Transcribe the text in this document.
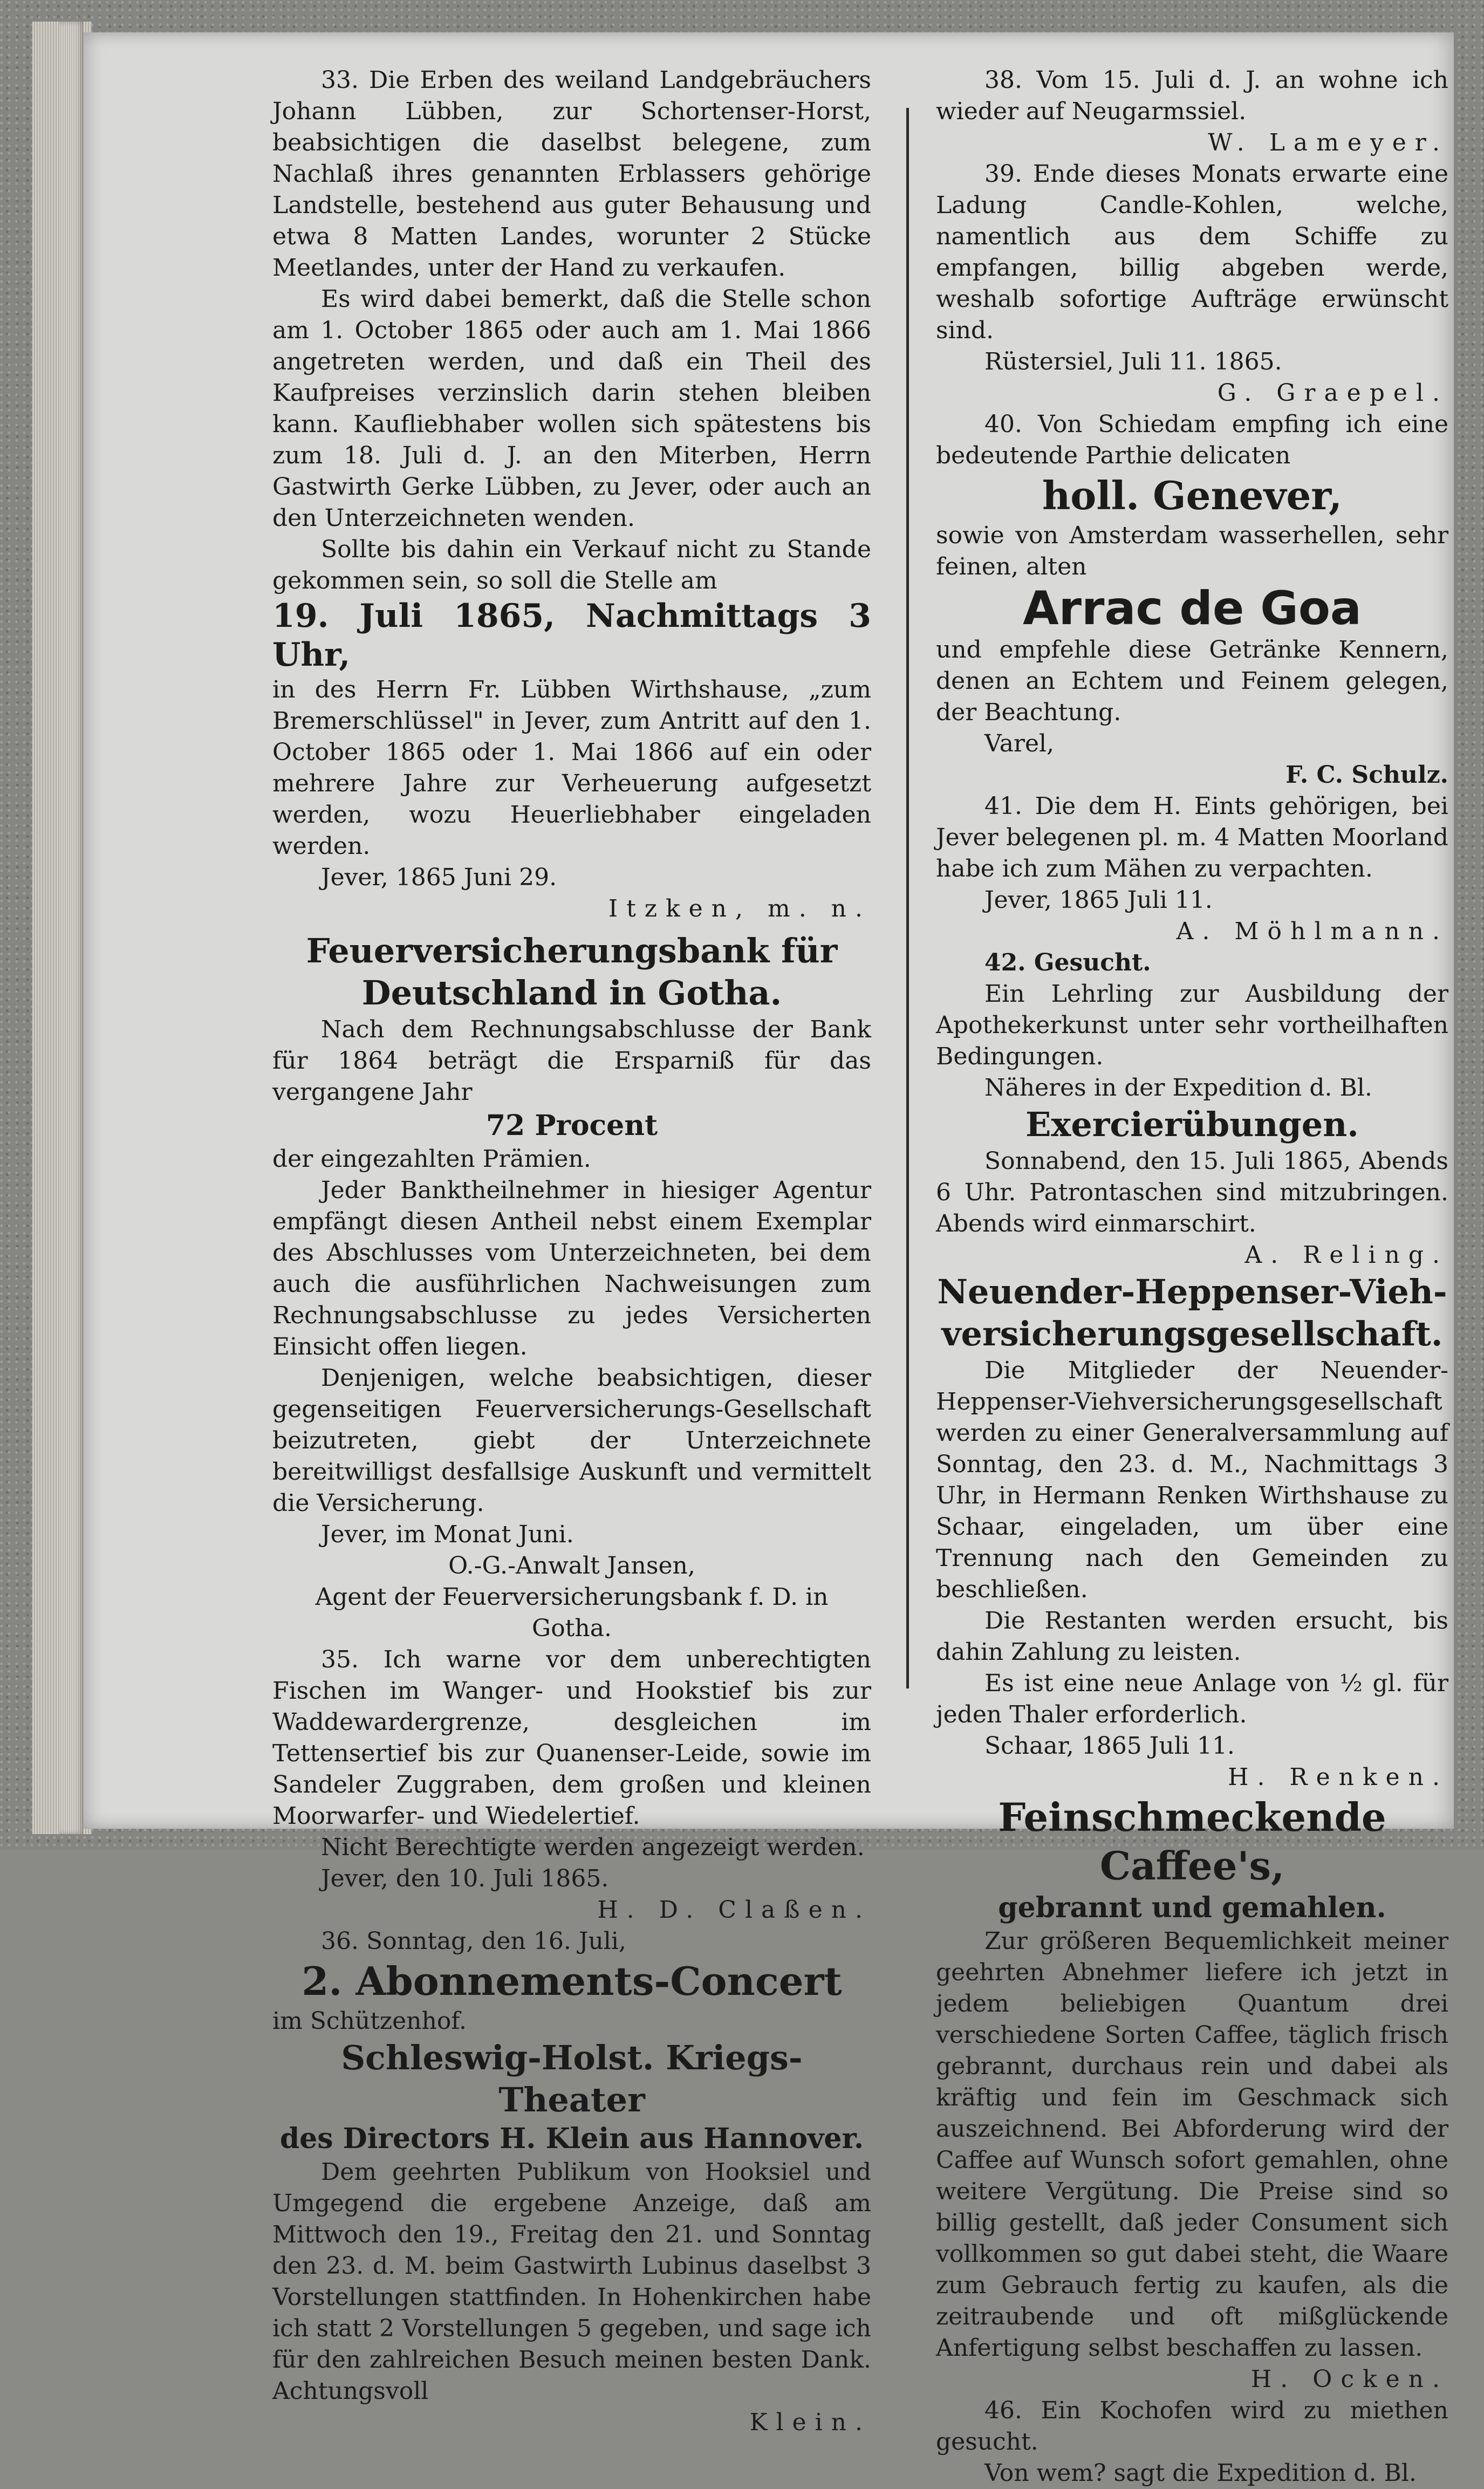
33. Die Erben des weiland Landgebräuchers Johann Lübben, zur Schortenser-Horst, beabsichtigen die daselbst belegene, zum Nachlaß ihres genannten Erblassers gehörige Landstelle, bestehend aus guter Behausung und etwa 8 Matten Landes, worunter 2 Stücke Meetlandes, unter der Hand zu verkaufen.

Es wird dabei bemerkt, daß die Stelle schon am 1. October 1865 oder auch am 1. Mai 1866 angetreten werden, und daß ein Theil des Kaufpreises verzinslich darin stehen bleiben kann. Kaufliebhaber wollen sich spätestens bis zum 18. Juli d. J. an den Miterben, Herrn Gastwirth Gerke Lübben, zu Jever, oder auch an den Unterzeichneten wenden.

Sollte bis dahin ein Verkauf nicht zu Stande gekommen sein, so soll die Stelle am

19. Juli 1865, Nachmittags 3 Uhr,

in des Herrn Fr. Lübben Wirthshause, „zum Bremerschlüssel" in Jever, zum Antritt auf den 1. October 1865 oder 1. Mai 1866 auf ein oder mehrere Jahre zur Verheuerung aufgesetzt werden, wozu Heuerliebhaber eingeladen werden.

Jever, 1865 Juni 29.

Itzken, m. n.

Feuerversicherungsbank für

Deutschland in Gotha.

Nach dem Rechnungsabschlusse der Bank für 1864 beträgt die Ersparniß für das vergangene Jahr

72 Procent

der eingezahlten Prämien.

Jeder Banktheilnehmer in hiesiger Agentur empfängt diesen Antheil nebst einem Exemplar des Abschlusses vom Unterzeichneten, bei dem auch die ausführlichen Nachweisungen zum Rechnungsabschlusse zu jedes Versicherten Einsicht offen liegen.

Denjenigen, welche beabsichtigen, dieser gegenseitigen Feuerversicherungs-Gesellschaft beizutreten, giebt der Unterzeichnete bereitwilligst desfallsige Auskunft und vermittelt die Versicherung.

Jever, im Monat Juni.

O.-G.-Anwalt Jansen,

Agent der Feuerversicherungsbank f. D. in Gotha.

35. Ich warne vor dem unberechtigten Fischen im Wanger- und Hookstief bis zur Waddewardergrenze, desgleichen im Tettensertief bis zur Quanenser-Leide, sowie im Sandeler Zuggraben, dem großen und kleinen Moorwarfer- und Wiedelertief.

Nicht Berechtigte werden angezeigt werden.

Jever, den 10. Juli 1865.

H. D. Claßen.

36. Sonntag, den 16. Juli,

2. Abonnements-Concert

im Schützenhof.

Schleswig-Holst. Kriegs-Theater

des Directors H. Klein aus Hannover.

Dem geehrten Publikum von Hooksiel und Umgegend die ergebene Anzeige, daß am Mittwoch den 19., Freitag den 21. und Sonntag den 23. d. M. beim Gastwirth Lubinus daselbst 3 Vorstellungen stattfinden. In Hohenkirchen habe ich statt 2 Vorstellungen 5 gegeben, und sage ich für den zahlreichen Besuch meinen besten Dank. Achtungsvoll

Klein.

38. Vom 15. Juli d. J. an wohne ich wieder auf Neugarmssiel.

W. Lameyer.

39. Ende dieses Monats erwarte eine Ladung Candle-Kohlen, welche, namentlich aus dem Schiffe zu empfangen, billig abgeben werde, weshalb sofortige Aufträge erwünscht sind.

Rüstersiel, Juli 11. 1865.

G. Graepel.

40. Von Schiedam empfing ich eine bedeutende Parthie delicaten

holl. Genever,

sowie von Amsterdam wasserhellen, sehr feinen, alten

Arrac de Goa

und empfehle diese Getränke Kennern, denen an Echtem und Feinem gelegen, der Beachtung.

Varel,

F. C. Schulz.

41. Die dem H. Eints gehörigen, bei Jever belegenen pl. m. 4 Matten Moorland habe ich zum Mähen zu verpachten.

Jever, 1865 Juli 11.

A. Möhlmann.

42. Gesucht.

Ein Lehrling zur Ausbildung der Apothekerkunst unter sehr vortheilhaften Bedingungen.

Näheres in der Expedition d. Bl.

Exercierübungen.

Sonnabend, den 15. Juli 1865, Abends 6 Uhr. Patrontaschen sind mitzubringen. Abends wird einmarschirt.

A. Reling.

Neuender-Heppenser-Vieh-

versicherungsgesellschaft.

Die Mitglieder der Neuender-Heppenser-Viehversicherungsgesellschaft werden zu einer Generalversammlung auf Sonntag, den 23. d. M., Nachmittags 3 Uhr, in Hermann Renken Wirthshause zu Schaar, eingeladen, um über eine Trennung nach den Gemeinden zu beschließen.

Die Restanten werden ersucht, bis dahin Zahlung zu leisten.

Es ist eine neue Anlage von ½ gl. für jeden Thaler erforderlich.

Schaar, 1865 Juli 11.

H. Renken.

Feinschmeckende Caffee's,

gebrannt und gemahlen.

Zur größeren Bequemlichkeit meiner geehrten Abnehmer liefere ich jetzt in jedem beliebigen Quantum drei verschiedene Sorten Caffee, täglich frisch gebrannt, durchaus rein und dabei als kräftig und fein im Geschmack sich auszeichnend. Bei Abforderung wird der Caffee auf Wunsch sofort gemahlen, ohne weitere Vergütung. Die Preise sind so billig gestellt, daß jeder Consument sich vollkommen so gut dabei steht, die Waare zum Gebrauch fertig zu kaufen, als die zeitraubende und oft mißglückende Anfertigung selbst beschaffen zu lassen.

H. Ocken.

46. Ein Kochofen wird zu miethen gesucht.

Von wem? sagt die Expedition d. Bl.
